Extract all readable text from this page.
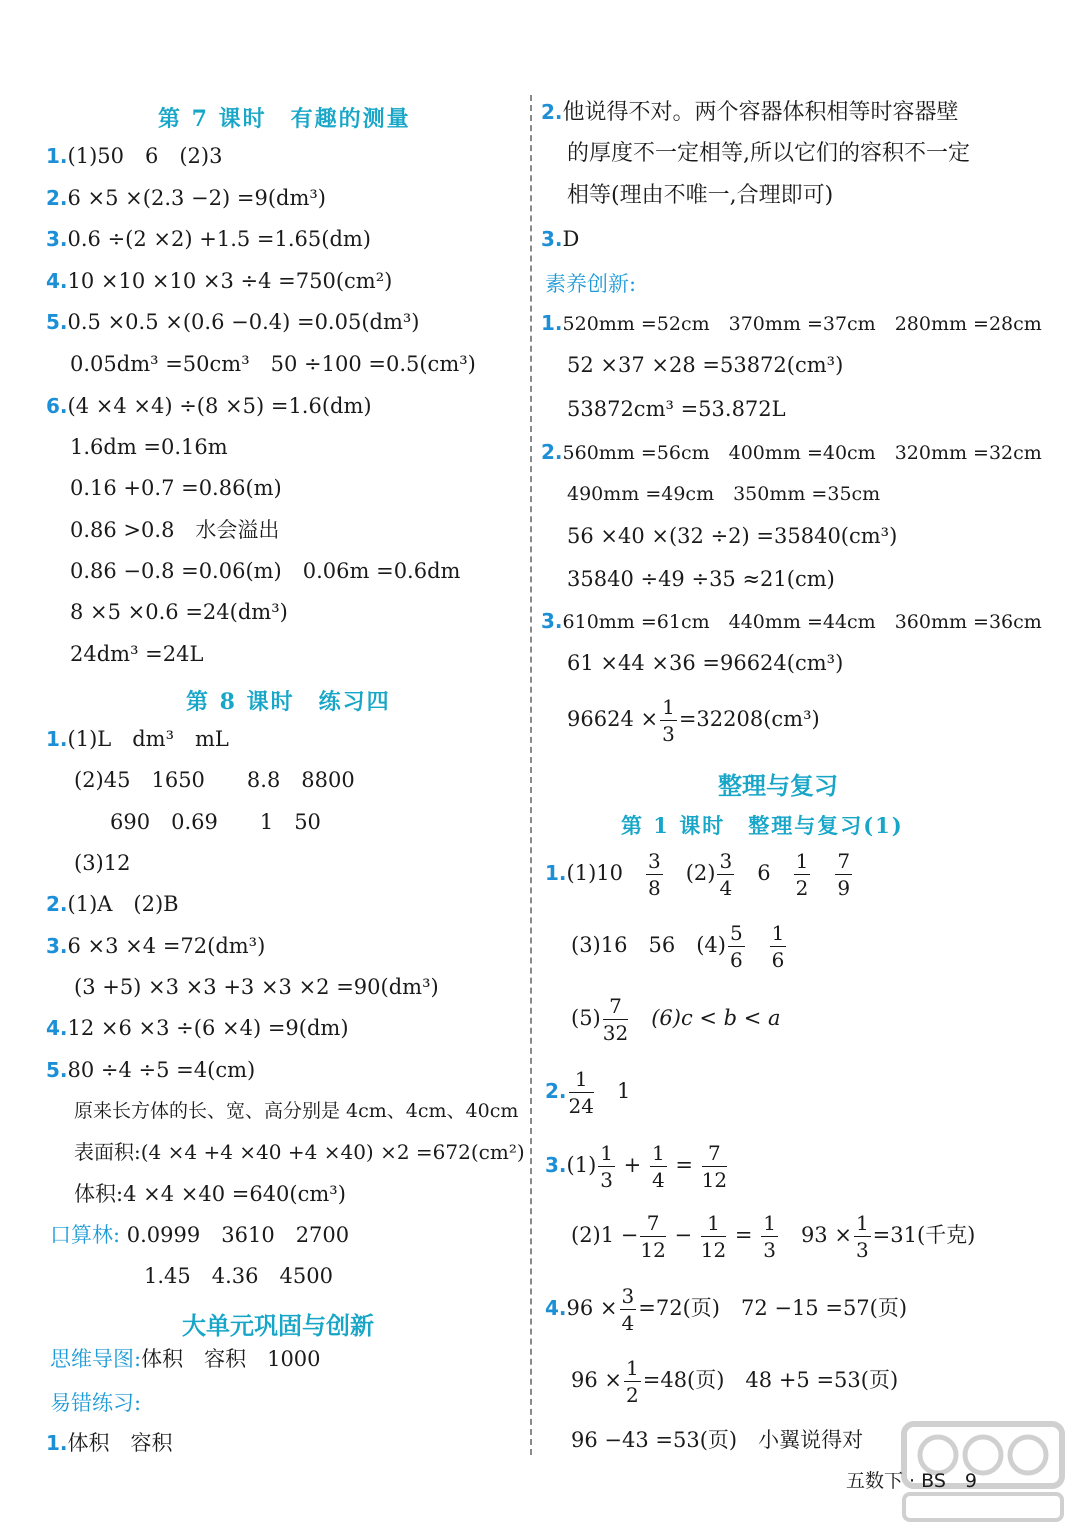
第 7 课时　有趣的测量
1.(1)50　6　(2)3
2.6 ×5 ×(2.3 −2) =9(dm³)
3.0.6 ÷(2 ×2) +1.5 =1.65(dm)
4.10 ×10 ×10 ×3 ÷4 =750(cm²)
5.0.5 ×0.5 ×(0.6 −0.4) =0.05(dm³)
0.05dm³ =50cm³　50 ÷100 =0.5(cm³)
6.(4 ×4 ×4) ÷(8 ×5) =1.6(dm)
1.6dm =0.16m
0.16 +0.7 =0.86(m)
0.86 >0.8　水会溢出
0.86 −0.8 =0.06(m)　0.06m =0.6dm
8 ×5 ×0.6 =24(dm³)
24dm³ =24L
第 8 课时　练习四
1.(1)L　dm³　mL
(2)45　1650　　8.8　8800
690　0.69　　1　50
(3)12
2.(1)A　(2)B
3.6 ×3 ×4 =72(dm³)
(3 +5) ×3 ×3 +3 ×3 ×2 =90(dm³)
4.12 ×6 ×3 ÷(6 ×4) =9(dm)
5.80 ÷4 ÷5 =4(cm)
原来长方体的长、宽、高分别是 4cm、4cm、40cm
表面积:(4 ×4 +4 ×40 +4 ×40) ×2 =672(cm²)
体积:4 ×4 ×40 =640(cm³)
口算林: 0.0999　3610　2700
1.45　4.36　4500
大单元巩固与创新
思维导图:体积　容积　1000
易错练习:
1.体积　容积
2.他说得不对。两个容器体积相等时容器壁
的厚度不一定相等,所以它们的容积不一定
相等(理由不唯一,合理即可)
3.D
素养创新:
1.520mm =52cm　370mm =37cm　280mm =28cm
52 ×37 ×28 =53872(cm³)
53872cm³ =53.872L
2.560mm =56cm　400mm =40cm　320mm =32cm
490mm =49cm　350mm =35cm
56 ×40 ×(32 ÷2) =35840(cm³)
35840 ÷49 ÷35 ≈21(cm)
3.610mm =61cm　440mm =44cm　360mm =36cm
61 ×44 ×36 =96624(cm³)
$96624 \times \frac{1}{3} =32208(cm^3)$
整理与复习
第 1 课时　整理与复习(1)
1.(1)10　 $\frac{3}{8}$
　 $(2) \frac{3}{4}$
　 6　 $\frac{1}{2}$
　 $\frac{7}{9}$
(3)16　56　$(4) \frac{5}{6}$
　 $\frac{1}{6}$
$(5) \frac{7}{32}$
　 (6)c < b < a
2. $\frac{1}{24}$
　 1
$3.(1) \frac{1}{3} + \frac{1}{4} = \frac{7}{12}$
$(2)1 - \frac{7}{12} - \frac{1}{12} = \frac{1}{3}$
　 $93 \times \frac{1}{3} =31$(千克)
$4.96 \times \frac{3}{4} =72$(页)　72 −15 =57(页)
$96 \times \frac{1}{2} =48$(页)　48 +5 =53(页)
96 −43 =53(页)　小翼说得对
五数下 · BS　9
